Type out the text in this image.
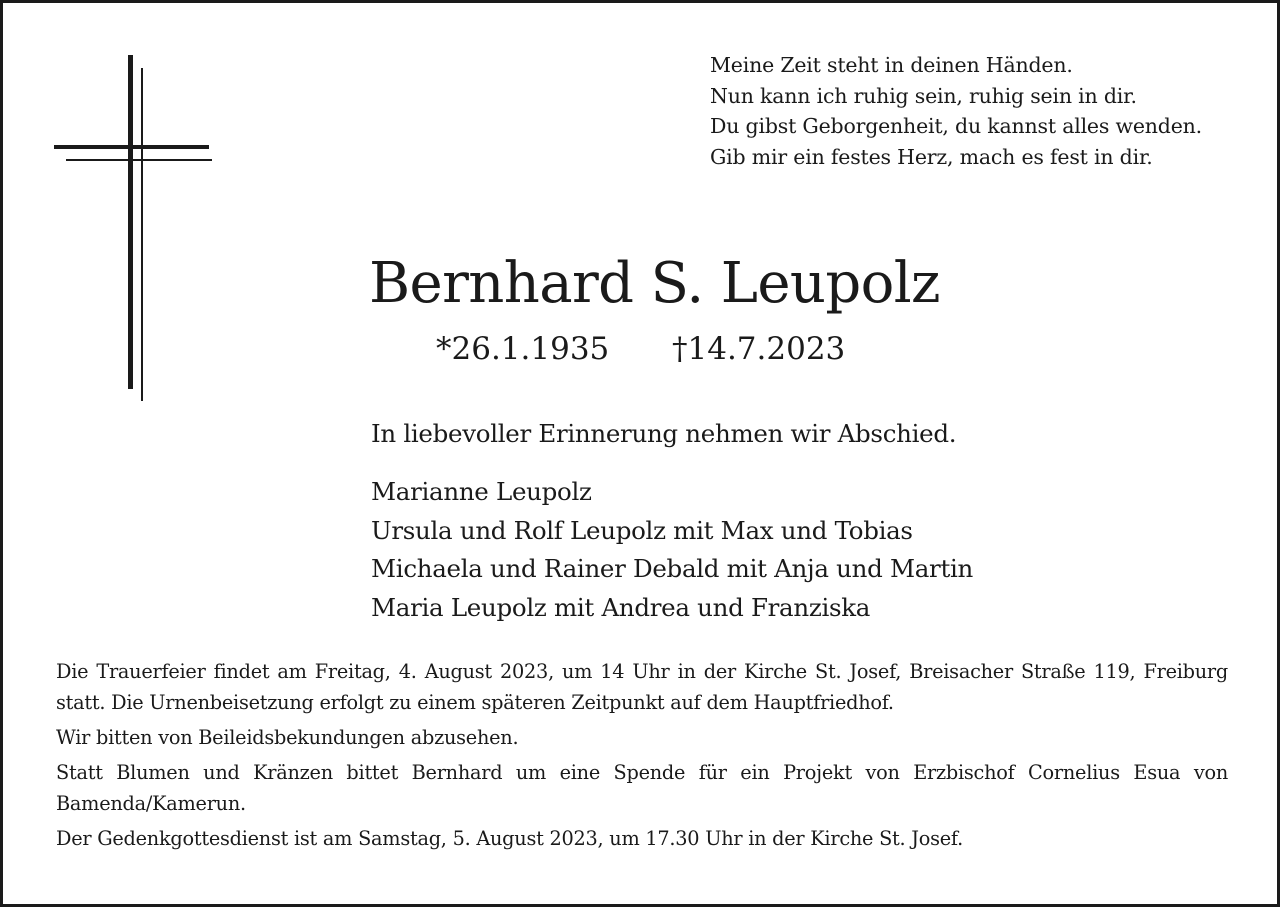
Meine Zeit steht in deinen Händen.
Nun kann ich ruhig sein, ruhig sein in dir.
Du gibst Geborgenheit, du kannst alles wenden.
Gib mir ein festes Herz, mach es fest in dir.
Bernhard S. Leupolz
*26.1.1935 †14.7.2023
In liebevoller Erinnerung nehmen wir Abschied.
Marianne Leupolz
Ursula und Rolf Leupolz mit Max und Tobias
Michaela und Rainer Debald mit Anja und Martin
Maria Leupolz mit Andrea und Franziska

Die Trauerfeier findet am Freitag, 4. August 2023, um 14 Uhr in der Kirche St. Josef, Breisacher Straße 119, Freiburg statt. Die Urnenbeisetzung erfolgt zu einem späteren Zeitpunkt auf dem Hauptfriedhof.

Wir bitten von Beileidsbekundungen abzusehen.

Statt Blumen und Kränzen bittet Bernhard um eine Spende für ein Projekt von Erzbischof Cornelius Esua von Bamenda/Kamerun.

Der Gedenkgottesdienst ist am Samstag, 5. August 2023, um 17.30 Uhr in der Kirche St. Josef.
